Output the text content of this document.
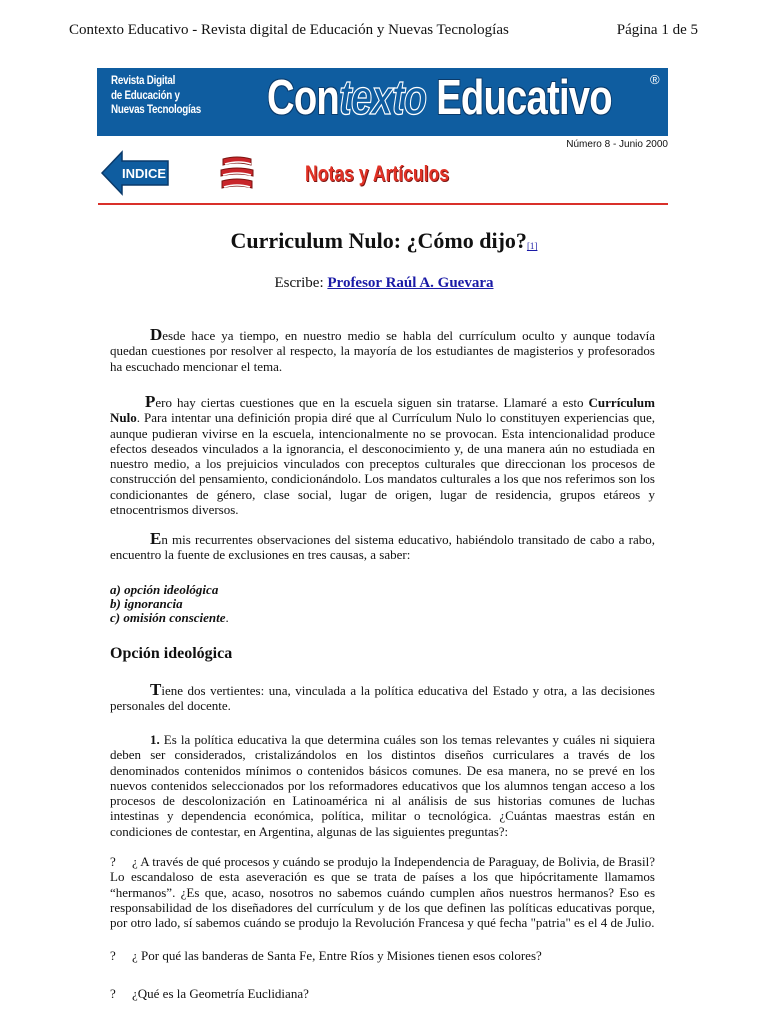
Contexto Educativo - Revista digital de Educación y Nuevas Tecnologías	Página 1 de 5
Revista Digital
de Educación y
Nuevas Tecnologías Contexto Educativo	®
Número 8 - Junio 2000
INDICE	Notas y Artículos
Curriculum Nulo: ¿Cómo dijo?[1]
Escribe: Profesor Raúl A. Guevara
Desde hace ya tiempo, en nuestro medio se habla del currículum oculto y aunque todavía quedan cuestiones por resolver al respecto, la mayoría de los estudiantes de magisterios y profesorados ha escuchado mencionar el tema.
Pero hay ciertas cuestiones que en la escuela siguen sin tratarse. Llamaré a esto Currículum Nulo. Para intentar una definición propia diré que al Currículum Nulo lo constituyen experiencias que, aunque pudieran vivirse en la escuela, intencionalmente no se provocan. Esta intencionalidad produce efectos deseados vinculados a la ignorancia, el desconocimiento y, de una manera aún no estudiada en nuestro medio, a los prejuicios vinculados con preceptos culturales que direccionan los procesos de construcción del pensamiento, condicionándolo. Los mandatos culturales a los que nos referimos son los condicionantes de género, clase social, lugar de origen, lugar de residencia, grupos etáreos y etnocentrismos diversos.
En mis recurrentes observaciones del sistema educativo, habiéndolo transitado de cabo a rabo, encuentro la fuente de exclusiones en tres causas, a saber:
a) opción ideológica
b) ignorancia
c) omisión consciente.
Opción ideológica
Tiene dos vertientes: una, vinculada a la política educativa del Estado y otra, a las decisiones personales del docente.
1. Es la política educativa la que determina cuáles son los temas relevantes y cuáles ni siquiera deben ser considerados, cristalizándolos en los distintos diseños curriculares a través de los denominados contenidos mínimos o contenidos básicos comunes. De esa manera, no se prevé en los nuevos contenidos seleccionados por los reformadores educativos que los alumnos tengan acceso a los procesos de descolonización en Latinoamérica ni al análisis de sus historias comunes de luchas intestinas y dependencia económica, política, militar o tecnológica. ¿Cuántas maestras están en condiciones de contestar, en Argentina, algunas de las siguientes preguntas?:
? ¿ A través de qué procesos y cuándo se produjo la Independencia de Paraguay, de Bolivia, de Brasil? Lo escandaloso de esta aseveración es que se trata de países a los que hipócritamente llamamos “hermanos”. ¿Es que, acaso, nosotros no sabemos cuándo cumplen años nuestros hermanos? Eso es responsabilidad de los diseñadores del currículum y de los que definen las políticas educativas porque, por otro lado, sí sabemos cuándo se produjo la Revolución Francesa y qué fecha "patria" es el 4 de Julio.
? ¿ Por qué las banderas de Santa Fe, Entre Ríos y Misiones tienen esos colores?
? ¿Qué es la Geometría Euclidiana?
